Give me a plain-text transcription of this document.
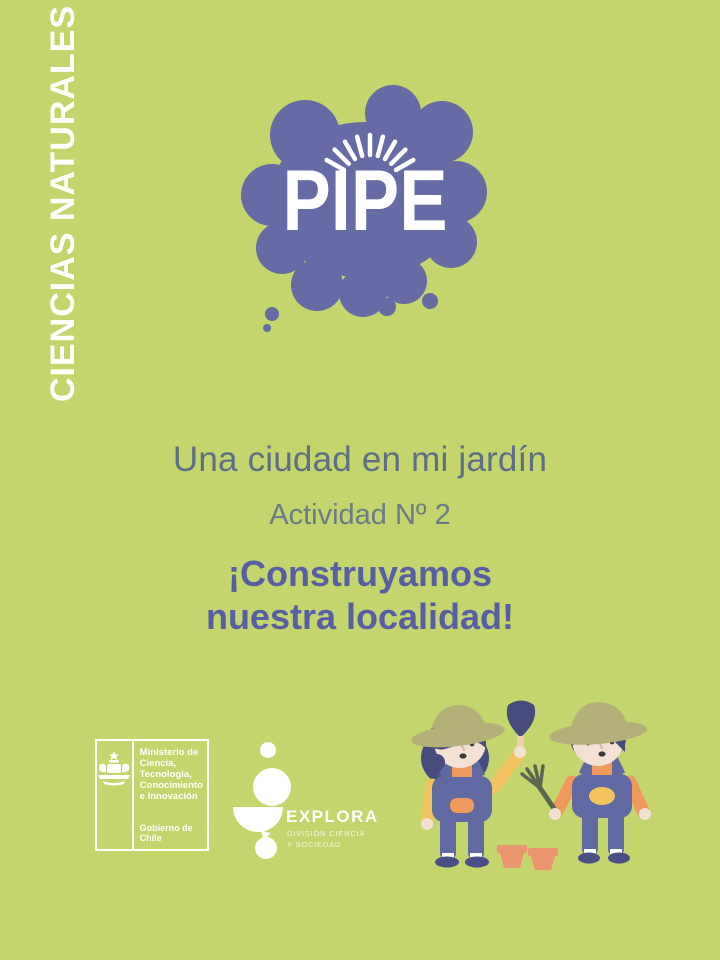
CIENCIAS NATURALES PIPE
Una ciudad en mi jardín
Actividad Nº 2
¡Construyamos
nuestra localidad!
Ministerio de
Ciencia,
Tecnología,
Conocimiento
e Innovación
Gobierno de Chile
EXPLORA
DIVISIÓN CIENCIA
Y SOCIEDAD
